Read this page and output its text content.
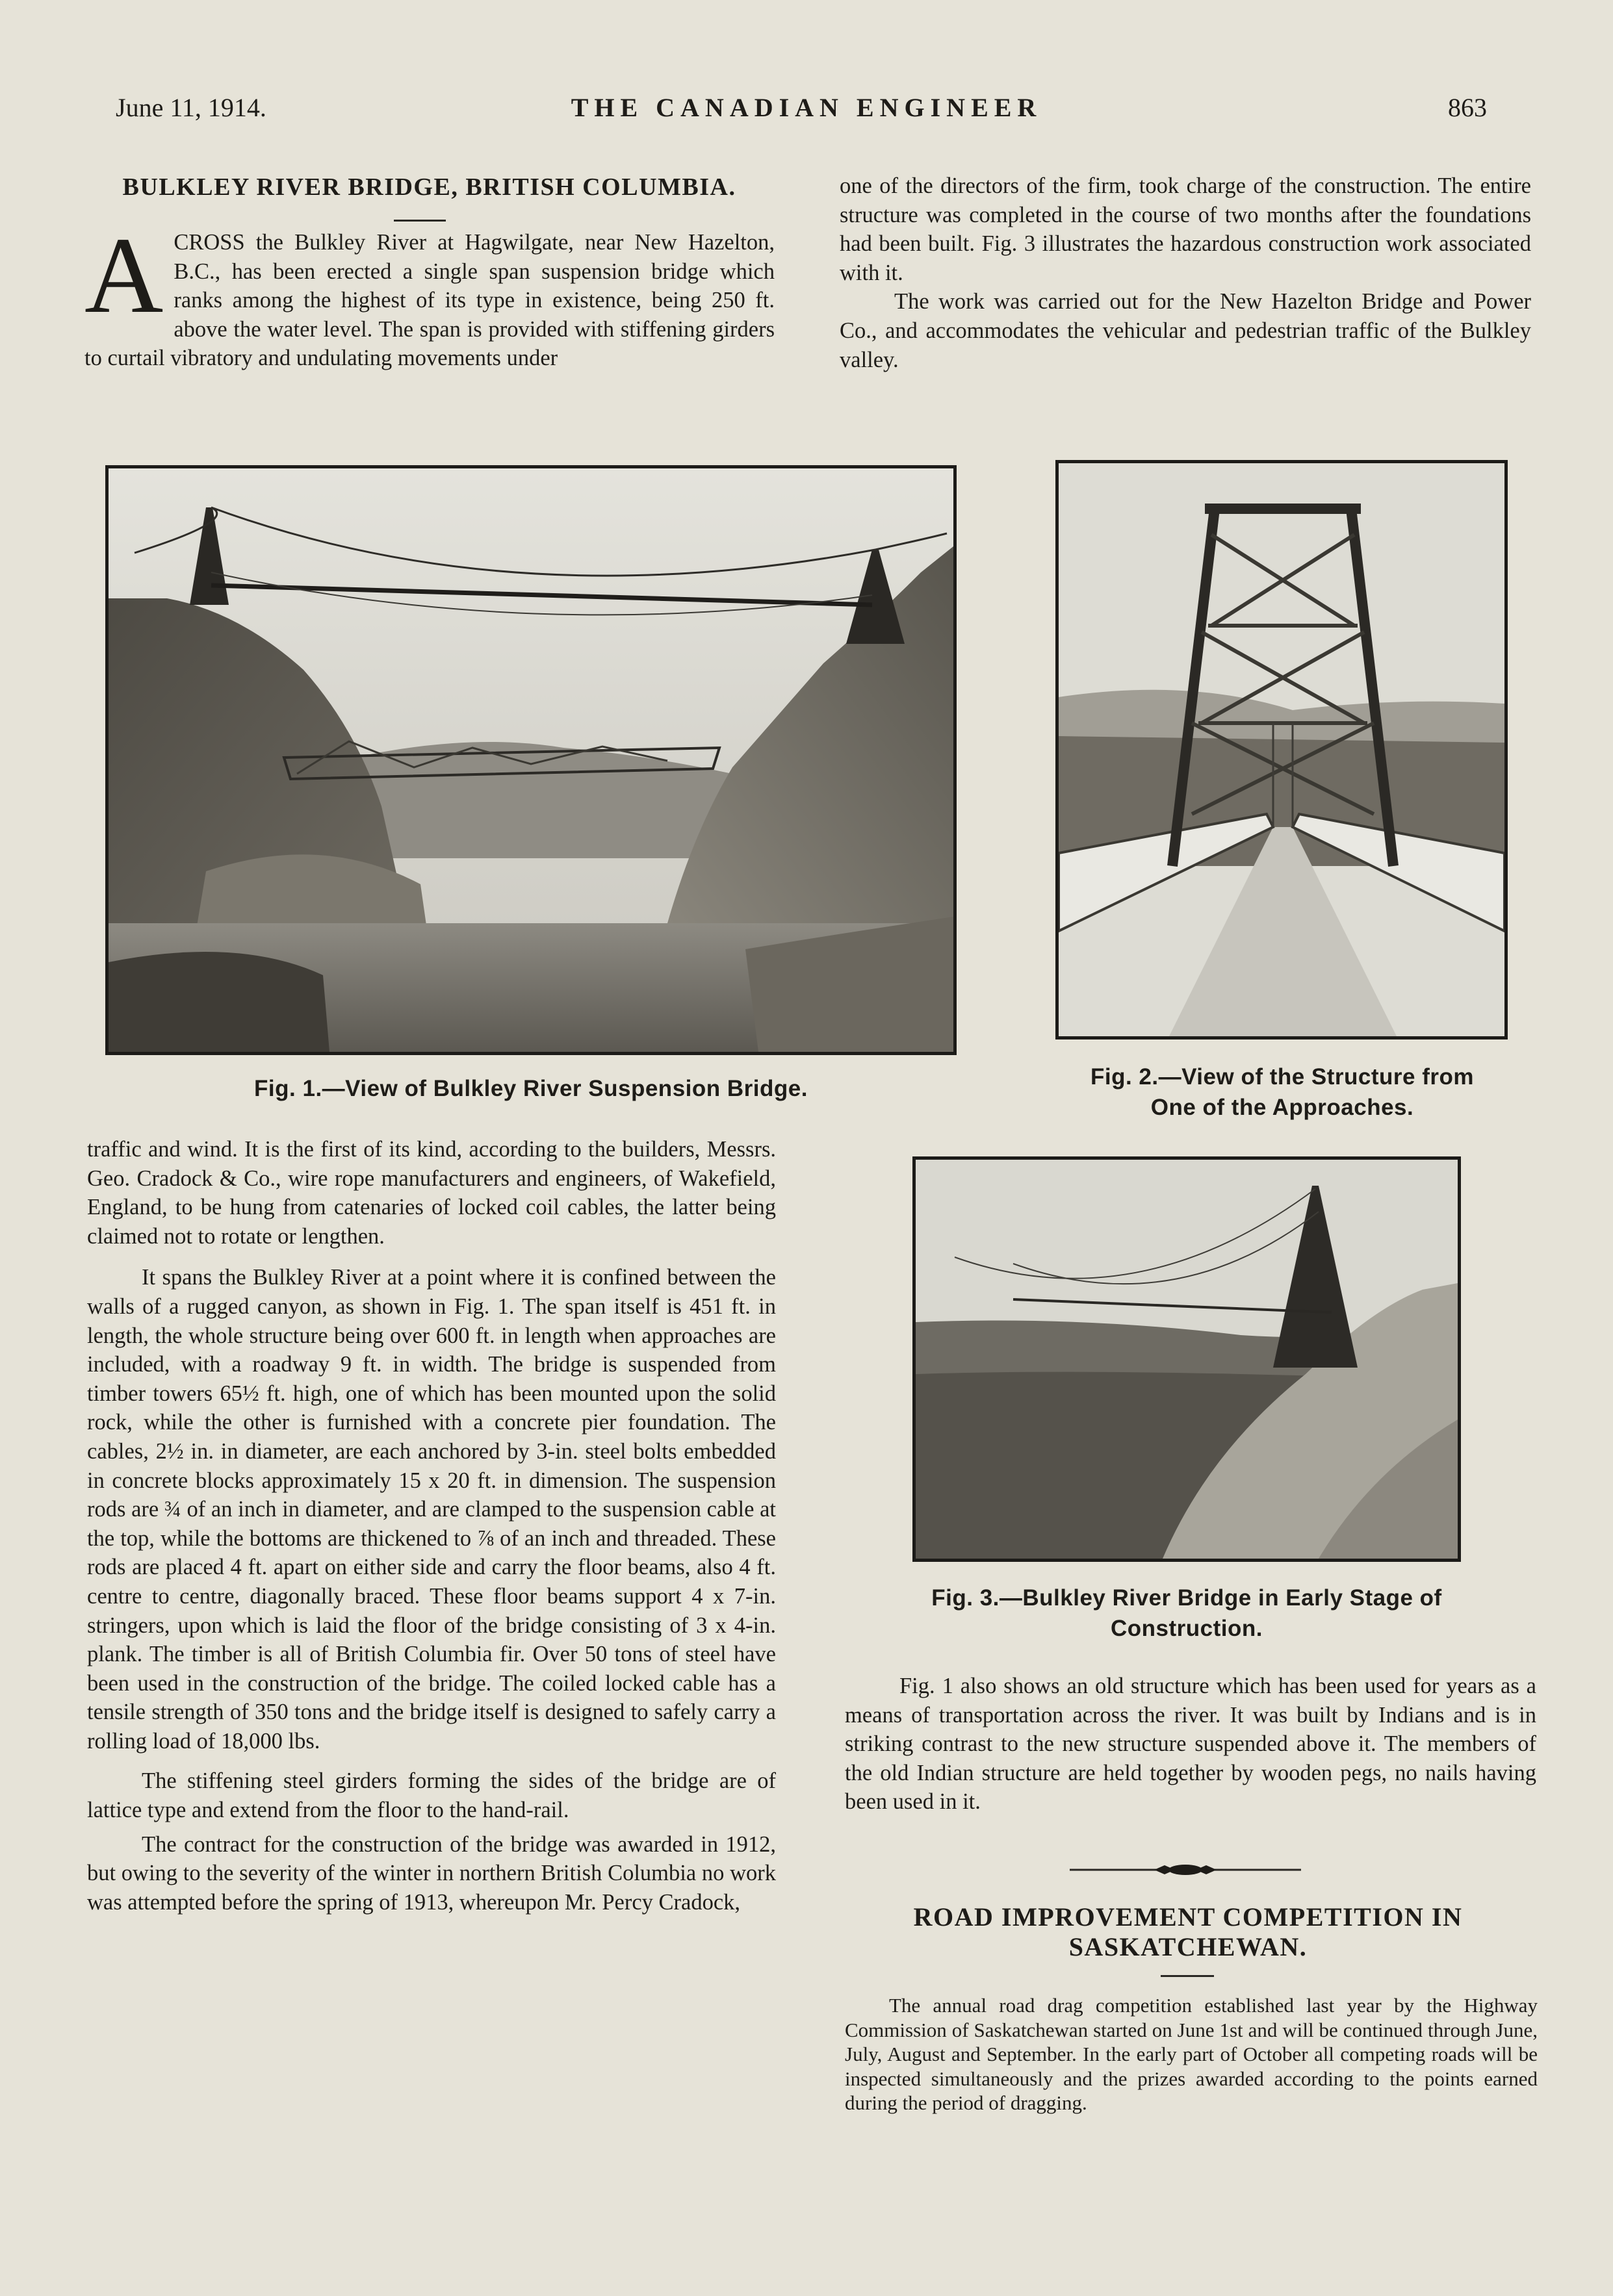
June 11, 1914.	THE CANADIAN ENGINEER	863
BULKLEY RIVER BRIDGE, BRITISH COLUMBIA.
A CROSS the Bulkley River at Hagwilgate, near New Hazelton, B.C., has been erected a single span suspension bridge which ranks among the highest of its type in existence, being 250 ft. above the water level. The span is provided with stiffening girders to curtail vibratory and undulating movements under

one of the directors of the firm, took charge of the construction. The entire structure was completed in the course of two months after the foundations had been built. Fig. 3 illustrates the hazardous construction work associated with it.

The work was carried out for the New Hazelton Bridge and Power Co., and accommodates the vehicular and pedestrian traffic of the Bulkley valley.

Fig. 1.—View of Bulkley River Suspension Bridge.	Fig. 2.—View of the Structure from
One of the Approaches.

traffic and wind. It is the first of its kind, according to the builders, Messrs. Geo. Cradock & Co., wire rope manufacturers and engineers, of Wakefield, England, to be hung from catenaries of locked coil cables, the latter being claimed not to rotate or lengthen.

It spans the Bulkley River at a point where it is confined between the walls of a rugged canyon, as shown in Fig. 1. The span itself is 451 ft. in length, the whole structure being over 600 ft. in length when approaches are included, with a roadway 9 ft. in width. The bridge is suspended from timber towers 65½ ft. high, one of which has been mounted upon the solid rock, while the other is furnished with a concrete pier foundation. The cables, 2½ in. in diameter, are each anchored by 3-in. steel bolts embedded in concrete blocks approximately 15 x 20 ft. in dimension. The suspension rods are ¾ of an inch in diameter, and are clamped to the suspension cable at the top, while the bottoms are thickened to ⅞ of an inch and threaded. These rods are placed 4 ft. apart on either side and carry the floor beams, also 4 ft. centre to centre, diagonally braced. These floor beams support 4 x 7-in. stringers, upon which is laid the floor of the bridge consisting of 3 x 4-in. plank. The timber is all of British Columbia fir. Over 50 tons of steel have been used in the construction of the bridge. The coiled locked cable has a tensile strength of 350 tons and the bridge itself is designed to safely carry a rolling load of 18,000 lbs.

The stiffening steel girders forming the sides of the bridge are of lattice type and extend from the floor to the hand-rail.

The contract for the construction of the bridge was awarded in 1912, but owing to the severity of the winter in northern British Columbia no work was attempted before the spring of 1913, whereupon Mr. Percy Cradock,

Fig. 3.—Bulkley River Bridge in Early Stage of
Construction.

Fig. 1 also shows an old structure which has been used for years as a means of transportation across the river. It was built by Indians and is in striking contrast to the new structure suspended above it. The members of the old Indian structure are held together by wooden pegs, no nails having been used in it.

ROAD IMPROVEMENT COMPETITION IN
SASKATCHEWAN.
The annual road drag competition established last year by the Highway Commission of Saskatchewan started on June 1st and will be continued through June, July, August and September. In the early part of October all competing roads will be inspected simultaneously and the prizes awarded according to the points earned during the period of dragging.
